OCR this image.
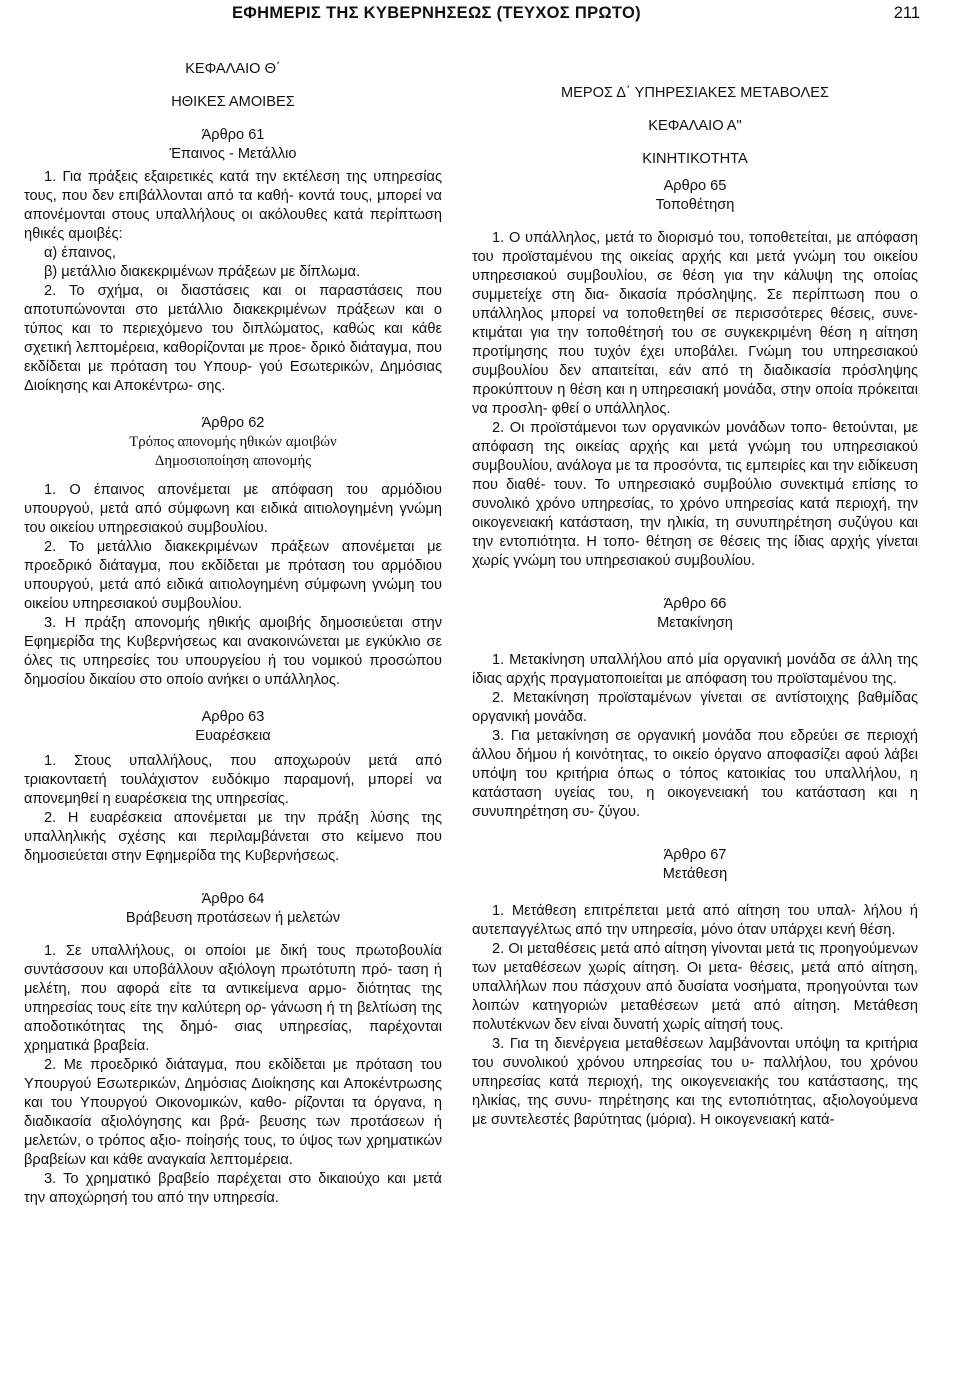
ΕΦΗΜΕΡΙΣ ΤΗΣ ΚΥΒΕΡΝΗΣΕΩΣ (ΤΕΥΧΟΣ ΠΡΩΤΟ)	211
ΚΕΦΑΛΑΙΟ Θ΄
ΗΘΙΚΕΣ ΑΜΟΙΒΕΣ
Άρθρο 61
Έπαινος - Μετάλλιο

1. Για πράξεις εξαιρετικές κατά την εκτέλεση της υπηρεσίας τους, που δεν επιβάλλονται από τα καθή- κοντά τους, μπορεί να απονέμονται στους υπαλλήλους οι ακόλουθες κατά περίπτωση ηθικές αμοιβές:

α) έπαινος,

β) μετάλλιο διακεκριμένων πράξεων με δίπλωμα.

2. Το σχήμα, οι διαστάσεις και οι παραστάσεις που αποτυπώνονται στο μετάλλιο διακεκριμένων πράξεων και ο τύπος και το περιεχόμενο του διπλώματος, καθώς και κάθε σχετική λεπτομέρεια, καθορίζονται με προε- δρικό διάταγμα, που εκδίδεται με πρόταση του Υπουρ- γού Εσωτερικών, Δημόσιας Διοίκησης και Αποκέντρω- σης.

Άρθρο 62
Τρόπος απονομής ηθικών αμοιβών
Δημοσιοποίηση απονομής

1. Ο έπαινος απονέμεται με απόφαση του αρμόδιου υπουργού, μετά από σύμφωνη και ειδικά αιτιολογημένη γνώμη του οικείου υπηρεσιακού συμβουλίου.

2. Το μετάλλιο διακεκριμένων πράξεων απονέμεται με προεδρικό διάταγμα, που εκδίδεται με πρόταση του αρμόδιου υπουργού, μετά από ειδικά αιτιολογημένη σύμφωνη γνώμη του οικείου υπηρεσιακού συμβουλίου.

3. Η πράξη απονομής ηθικής αμοιβής δημοσιεύεται στην Εφημερίδα της Κυβερνήσεως και ανακοινώνεται με εγκύκλιο σε όλες τις υπηρεσίες του υπουργείου ή του νομικού προσώπου δημοσίου δικαίου στο οποίο ανήκει ο υπάλληλος.

Αρθρο 63
Ευαρέσκεια

1. Στους υπαλλήλους, που αποχωρούν μετά από τριακονταετή τουλάχιστον ευδόκιμο παραμονή, μπορεί να απονεμηθεί η ευαρέσκεια της υπηρεσίας.

2. Η ευαρέσκεια απονέμεται με την πράξη λύσης της υπαλληλικής σχέσης και περιλαμβάνεται στο κείμενο που δημοσιεύεται στην Εφημερίδα της Κυβερνήσεως.

Άρθρο 64
Βράβευση προτάσεων ή μελετών

1. Σε υπαλλήλους, οι οποίοι με δική τους πρωτοβουλία συντάσσουν και υποβάλλουν αξιόλογη πρωτότυπη πρό- ταση ή μελέτη, που αφορά είτε τα αντικείμενα αρμο- διότητας της υπηρεσίας τους είτε την καλύτερη ορ- γάνωση ή τη βελτίωση της αποδοτικότητας της δημό- σιας υπηρεσίας, παρέχονται χρηματικά βραβεία.

2. Με προεδρικό διάταγμα, που εκδίδεται με πρόταση του Υπουργού Εσωτερικών, Δημόσιας Διοίκησης και Αποκέντρωσης και του Υπουργού Οικονομικών, καθο- ρίζονται τα όργανα, η διαδικασία αξιολόγησης και βρά- βευσης των προτάσεων ή μελετών, ο τρόπος αξιο- ποίησής τους, το ύψος των χρηματικών βραβείων και κάθε αναγκαία λεπτομέρεια.

3. Το χρηματικό βραβείο παρέχεται στο δικαιούχο και μετά την αποχώρησή του από την υπηρεσία.

ΜΕΡΟΣ Δ΄ ΥΠΗΡΕΣΙΑΚΕΣ ΜΕΤΑΒΟΛΕΣ
ΚΕΦΑΛΑΙΟ Α"
ΚΙΝΗΤΙΚΟΤΗΤΑ
Αρθρο 65
Τοποθέτηση

1. Ο υπάλληλος, μετά το διορισμό του, τοποθετείται, με απόφαση του προϊσταμένου της οικείας αρχής και μετά γνώμη του οικείου υπηρεσιακού συμβουλίου, σε θέση για την κάλυψη της οποίας συμμετείχε στη δια- δικασία πρόσληψης. Σε περίπτωση που ο υπάλληλος μπορεί να τοποθετηθεί σε περισσότερες θέσεις, συνε- κτιμάται για την τοποθέτησή του σε συγκεκριμένη θέση η αίτηση προτίμησης που τυχόν έχει υποβάλει. Γνώμη του υπηρεσιακού συμβουλίου δεν απαιτείται, εάν από τη διαδικασία πρόσληψης προκύπτουν η θέση και η υπηρεσιακή μονάδα, στην οποία πρόκειται να προσλη- φθεί ο υπάλληλος.

2. Οι προϊστάμενοι των οργανικών μονάδων τοπο- θετούνται, με απόφαση της οικείας αρχής και μετά γνώμη του υπηρεσιακού συμβουλίου, ανάλογα με τα προσόντα, τις εμπειρίες και την ειδίκευση που διαθέ- τουν. Το υπηρεσιακό συμβούλιο συνεκτιμά επίσης το συνολικό χρόνο υπηρεσίας, το χρόνο υπηρεσίας κατά περιοχή, την οικογενειακή κατάσταση, την ηλικία, τη συνυπηρέτηση συζύγου και την εντοπιότητα. Η τοπο- θέτηση σε θέσεις της ίδιας αρχής γίνεται χωρίς γνώμη του υπηρεσιακού συμβουλίου.

Άρθρο 66
Μετακίνηση

1. Μετακίνηση υπαλλήλου από μία οργανική μονάδα σε άλλη της ίδιας αρχής πραγματοποιείται με απόφαση του προϊσταμένου της.

2. Μετακίνηση προϊσταμένων γίνεται σε αντίστοιχης βαθμίδας οργανική μονάδα.

3. Για μετακίνηση σε οργανική μονάδα που εδρεύει σε περιοχή άλλου δήμου ή κοινότητας, το οικείο όργανο αποφασίζει αφού λάβει υπόψη του κριτήρια όπως ο τόπος κατοικίας του υπαλλήλου, η κατάσταση υγείας του, η οικογενειακή του κατάσταση και η συνυπηρέτηση συ- ζύγου.

Άρθρο 67
Μετάθεση

1. Μετάθεση επιτρέπεται μετά από αίτηση του υπαλ- λήλου ή αυτεπαγγέλτως από την υπηρεσία, μόνο όταν υπάρχει κενή θέση.

2. Οι μεταθέσεις μετά από αίτηση γίνονται μετά τις προηγούμενων των μεταθέσεων χωρίς αίτηση. Οι μετα- θέσεις, μετά από αίτηση, υπαλλήλων που πάσχουν από δυσίατα νοσήματα, προηγούνται των λοιπών κατηγοριών μεταθέσεων μετά από αίτηση. Μετάθεση πολυτέκνων δεν είναι δυνατή χωρίς αίτησή τους.

3. Για τη διενέργεια μεταθέσεων λαμβάνονται υπόψη τα κριτήρια του συνολικού χρόνου υπηρεσίας του υ- παλλήλου, του χρόνου υπηρεσίας κατά περιοχή, της οικογενειακής του κατάστασης, της ηλικίας, της συνυ- πηρέτησης και της εντοπιότητας, αξιολογούμενα με συντελεστές βαρύτητας (μόρια). Η οικογενειακή κατά-
